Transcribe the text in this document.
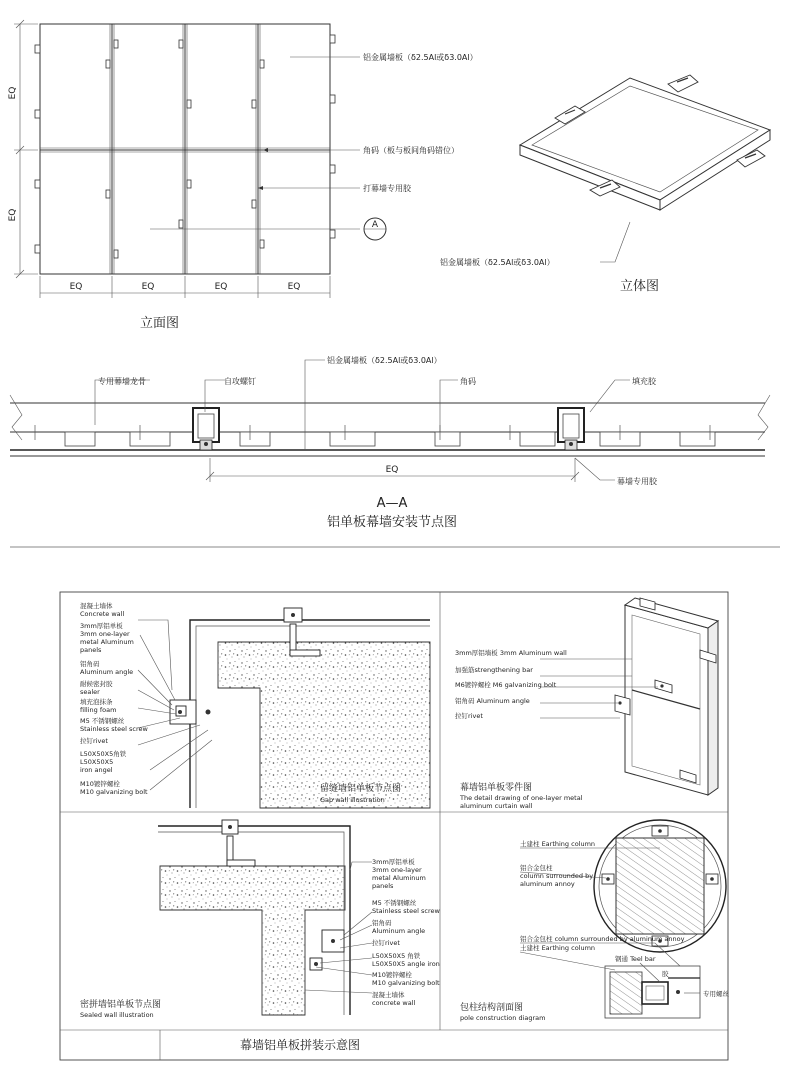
EQ
EQ
EQ	EQ	EQ	EQ
铝金属墙板（δ2.5Al或δ3.0Al）
角码（板与板间角码错位）
打幕墙专用胶
A
立面图
铝金属墙板（δ2.5Al或δ3.0Al）
立体图
专用幕墙龙骨	自攻螺钉
铝金属墙板（δ2.5Al或δ3.0Al）
角码	填充胶
幕墙专用胶
EQ
A—A
铝单板幕墙安装节点图
幕墙铝单板拼装示意图
混凝土墙体
Concrete wall
3mm厚铝单板
3mm one-layer
metal Aluminum
panels
铝角码
Aluminum angle
耐候密封胶
sealer
填充泡抹条
filling foam
M5 不锈钢螺丝
Stainless steel screw
拉钉rivet
L50X50X5角铁
L50X50X5
iron angel
M10镀锌螺栓
M10 galvanizing bolt	留缝墙铝单板节点图
Gap wall illustration
3mm厚铝墙板 3mm Aluminum wall
加强筋strengthening bar
M6镀锌螺栓 M6 galvanizing bolt
铝角码 Aluminum angle
拉钉rivet
幕墙铝单板零件图
The detail drawing of one-layer metal
aluminum curtain wall
3mm厚铝单板
3mm one-layer
metal Aluminum
panels
M5 不锈钢螺丝
Stainless steel screw
铝角码
Aluminum angle
拉钉rivet
L50X50X5 角铁
L50X50X5 angle iron
M10镀锌螺栓
M10 galvanizing bolt
混凝土墙体
concrete wall
密拼墙铝单板节点图
Sealed wall illustration
土建柱 Earthing column
铝合金包柱
column surrounded by
aluminum annoy
铝合金包柱 column surrounded by aluminum annoy
土建柱 Earthing column
钢通 Teel bar
专用螺丝
胶
包柱结构剖面图
pole construction diagram
